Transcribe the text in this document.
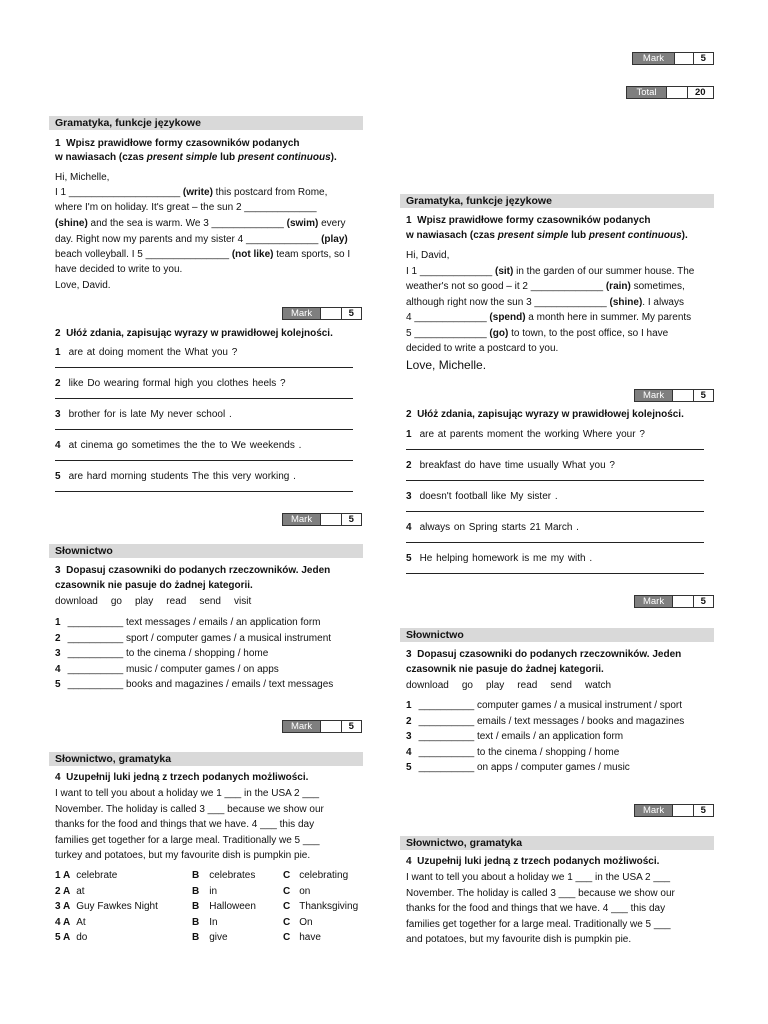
Mark	5
Total	20
Gramatyka, funkcje językowe
1 Wpisz prawidłowe formy czasowników podanych
w nawiasach (czas present simple lub present continuous).
Hi, Michelle,
I 1 ____________________ (write) this postcard from Rome,
where I'm on holiday. It's great – the sun 2 _____________
(shine) and the sea is warm. We 3 _____________ (swim) every
day. Right now my parents and my sister 4 _____________ (play)
beach volleyball. I 5 _______________ (not like) team sports, so I
have decided to write to you.
Love, David.
Mark	5
2 Ułóż zdania, zapisując wyrazy w prawidłowej kolejności.
1 are at doing moment the What you ?
2 like Do wearing formal high you clothes heels ?
3 brother for is late My never school .
4 at cinema go sometimes the the to We weekends .
5 are hard morning students The this very working .
Mark	5
Słownictwo
3 Dopasuj czasowniki do podanych rzeczowników. Jeden
czasownik nie pasuje do żadnej kategorii.
download go play read send visit
1 __________ text messages / emails / an application form
2 __________ sport / computer games / a musical instrument
3 __________ to the cinema / shopping / home
4 __________ music / computer games / on apps
5 __________ books and magazines / emails / text messages
Mark	5
Słownictwo, gramatyka
4 Uzupełnij luki jedną z trzech podanych możliwości.
I want to tell you about a holiday we 1 ___ in the USA 2 ___
November. The holiday is called 3 ___ because we show our
thanks for the food and things that we have. 4 ___ this day
families get together for a large meal. Traditionally we 5 ___
turkey and potatoes, but my favourite dish is pumpkin pie.
1 A celebrate	B celebrates	C celebrating
2 A at	B in	C on
3 A Guy Fawkes Night	B Halloween	C Thanksgiving
4 A At	B In	C On
5 A do	B give	C have
Gramatyka, funkcje językowe
1 Wpisz prawidłowe formy czasowników podanych
w nawiasach (czas present simple lub present continuous).
Hi, David,
I 1 _____________ (sit) in the garden of our summer house. The
weather's not so good – it 2 _____________ (rain) sometimes,
although right now the sun 3 _____________ (shine). I always
4 _____________ (spend) a month here in summer. My parents
5 _____________ (go) to town, to the post office, so I have
decided to write a postcard to you.
Love, Michelle.
Mark	5
2 Ułóż zdania, zapisując wyrazy w prawidłowej kolejności.
1 are at parents moment the working Where your ?
2 breakfast do have time usually What you ?
3 doesn't football like My sister .
4 always on Spring starts 21 March .
5 He helping homework is me my with .
Mark	5
Słownictwo
3 Dopasuj czasowniki do podanych rzeczowników. Jeden
czasownik nie pasuje do żadnej kategorii.
download go play read send watch
1 __________ computer games / a musical instrument / sport
2 __________ emails / text messages / books and magazines
3 __________ text / emails / an application form
4 __________ to the cinema / shopping / home
5 __________ on apps / computer games / music
Mark	5
Słownictwo, gramatyka
4 Uzupełnij luki jedną z trzech podanych możliwości.
I want to tell you about a holiday we 1 ___ in the USA 2 ___
November. The holiday is called 3 ___ because we show our
thanks for the food and things that we have. 4 ___ this day
families get together for a large meal. Traditionally we 5 ___
and potatoes, but my favourite dish is pumpkin pie.
